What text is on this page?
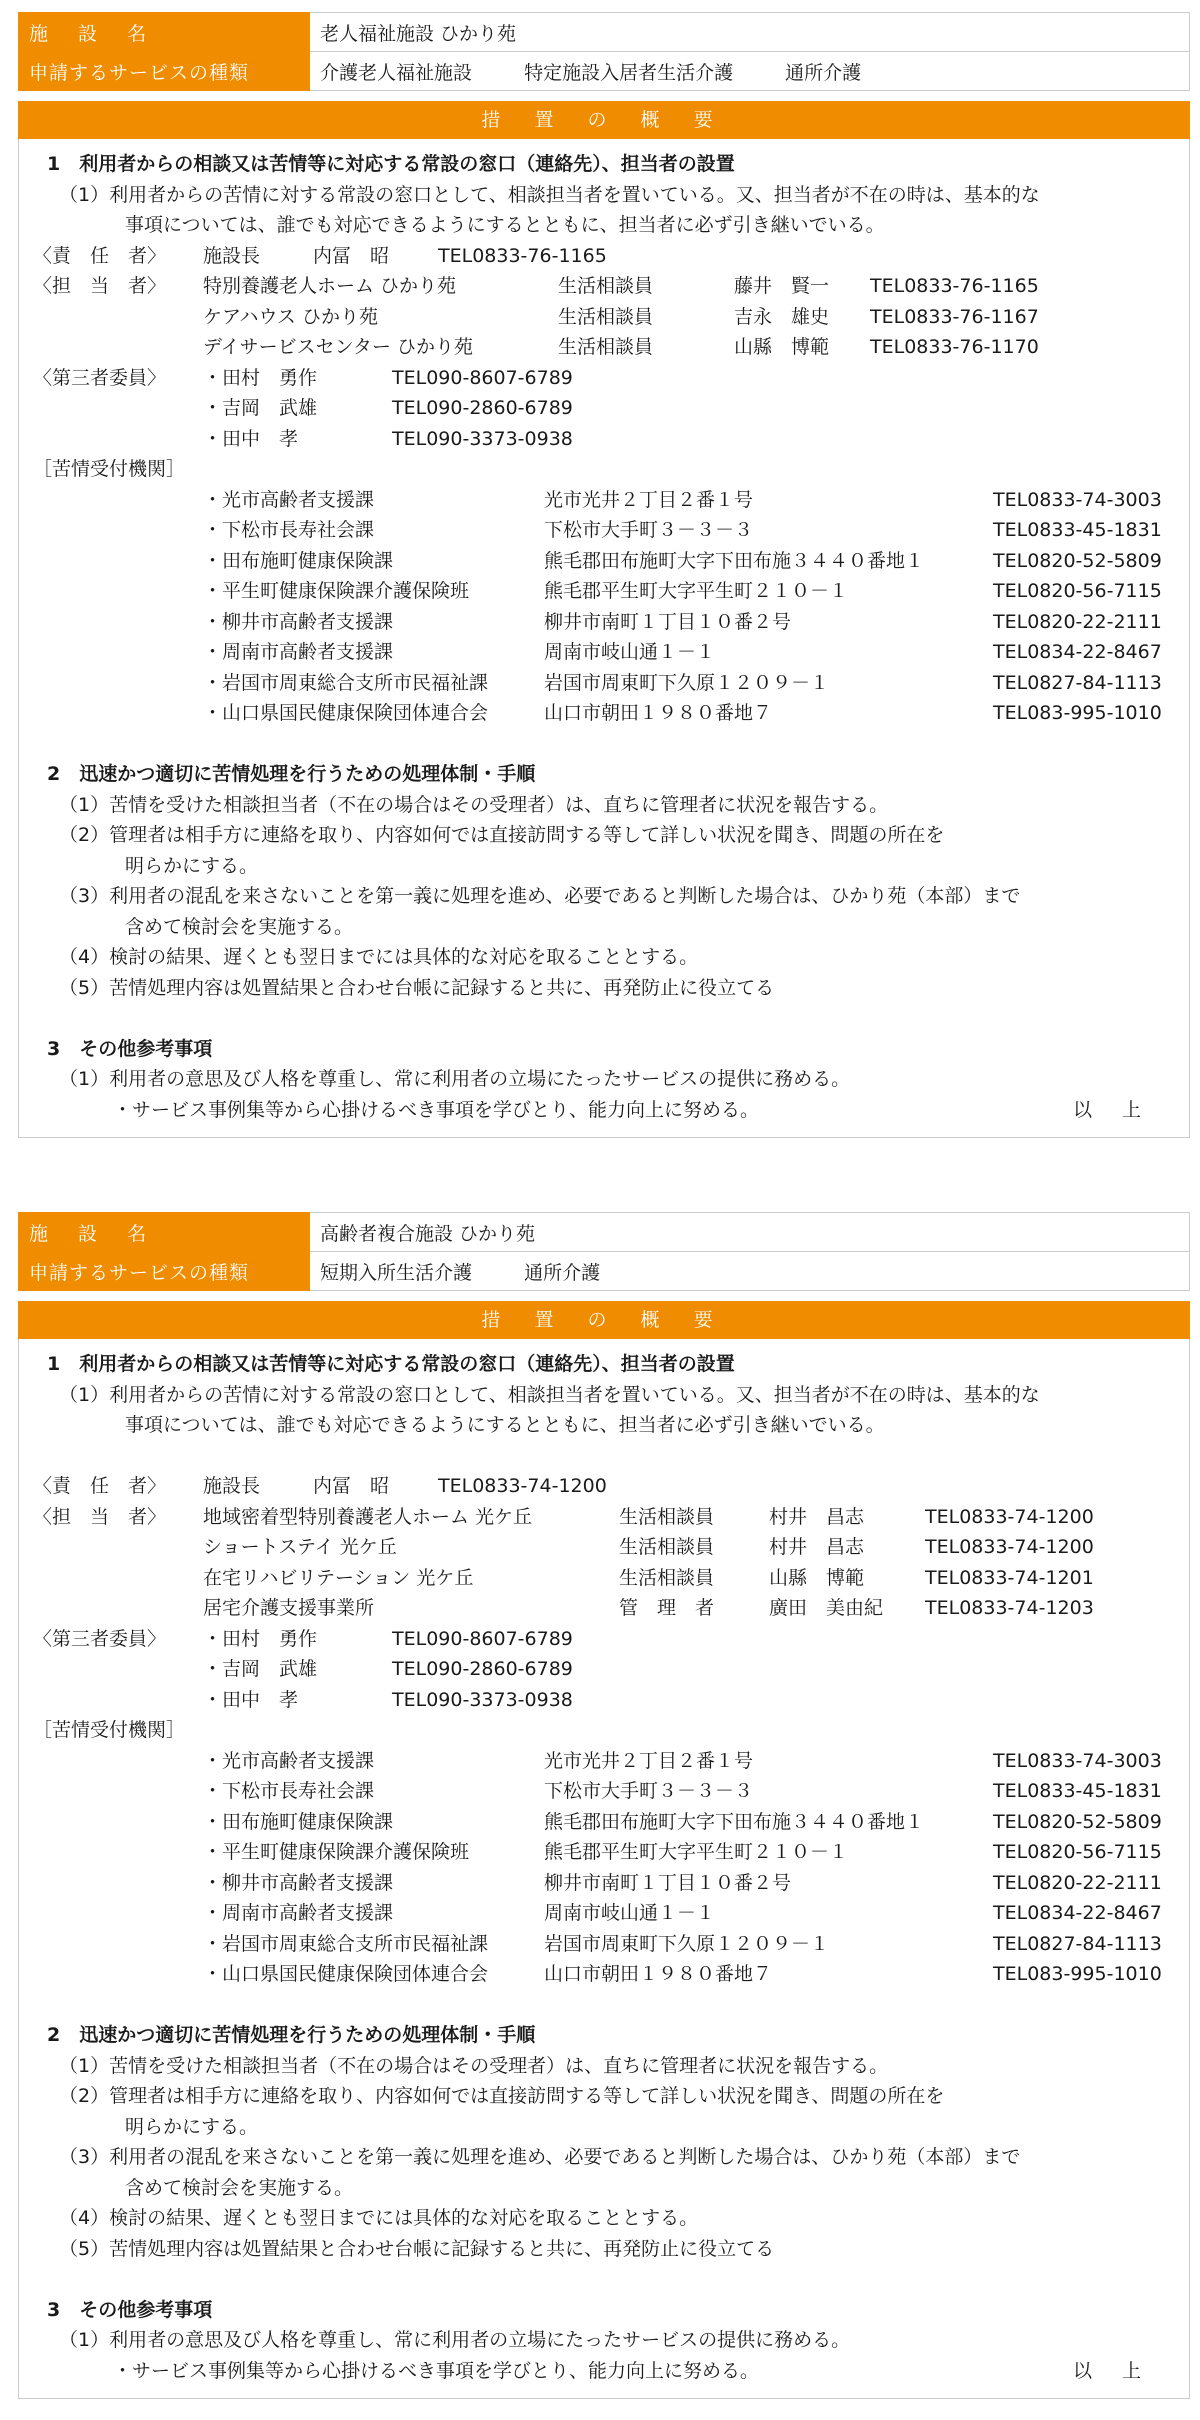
施 設 名	老人福祉施設 ひかり苑
申請するサービスの種類	介護老人福祉施設 特定施設入居者生活介護 通所介護
措 置 の 概 要
1　利用者からの相談又は苦情等に対応する常設の窓口（連絡先）、担当者の設置
（1）利用者からの苦情に対する常設の窓口として、相談担当者を置いている。又、担当者が不在の時は、基本的な
事項については、誰でも対応できるようにするとともに、担当者に必ず引き継いでいる。
〈責　任　者〉 施設長	内冨　昭	TEL0833-76-1165
〈担　当　者〉 特別養護老人ホーム ひかり苑	生活相談員	藤井　賢一 TEL0833-76-1165
ケアハウス ひかり苑	生活相談員	吉永　雄史 TEL0833-76-1167
デイサービスセンター ひかり苑	生活相談員	山縣　博範 TEL0833-76-1170
〈第三者委員〉 ・田村　勇作	TEL090-8607-6789
・吉岡　武雄	TEL090-2860-6789
・田中　孝	TEL090-3373-0938
［苦情受付機関］
・光市高齢者支援課	光市光井２丁目２番１号	TEL0833-74-3003
・下松市長寿社会課	下松市大手町３－３－３	TEL0833-45-1831
・田布施町健康保険課	熊毛郡田布施町大字下田布施３４４０番地１	TEL0820-52-5809
・平生町健康保険課介護保険班	熊毛郡平生町大字平生町２１０－１	TEL0820-56-7115
・柳井市高齢者支援課	柳井市南町１丁目１０番２号	TEL0820-22-2111
・周南市高齢者支援課	周南市岐山通１－１	TEL0834-22-8467
・岩国市周東総合支所市民福祉課	岩国市周東町下久原１２０９－１	TEL0827-84-1113
・山口県国民健康保険団体連合会	山口市朝田１９８０番地７	TEL083-995-1010
2　迅速かつ適切に苦情処理を行うための処理体制・手順
（1）苦情を受けた相談担当者（不在の場合はその受理者）は、直ちに管理者に状況を報告する。
（2）管理者は相手方に連絡を取り、内容如何では直接訪問する等して詳しい状況を聞き、問題の所在を
明らかにする。
（3）利用者の混乱を来さないことを第一義に処理を進め、必要であると判断した場合は、ひかり苑（本部）まで
含めて検討会を実施する。
（4）検討の結果、遅くとも翌日までには具体的な対応を取ることとする。
（5）苦情処理内容は処置結果と合わせ台帳に記録すると共に、再発防止に役立てる
3　その他参考事項
（1）利用者の意思及び人格を尊重し、常に利用者の立場にたったサービスの提供に務める。
・サービス事例集等から心掛けるべき事項を学びとり、能力向上に努める。	以 上
施 設 名	高齢者複合施設 ひかり苑
申請するサービスの種類	短期入所生活介護 通所介護
措 置 の 概 要
1　利用者からの相談又は苦情等に対応する常設の窓口（連絡先）、担当者の設置
（1）利用者からの苦情に対する常設の窓口として、相談担当者を置いている。又、担当者が不在の時は、基本的な
事項については、誰でも対応できるようにするとともに、担当者に必ず引き継いでいる。
〈責　任　者〉 施設長	内冨　昭	TEL0833-74-1200
〈担　当　者〉 地域密着型特別養護老人ホーム 光ケ丘	生活相談員	村井　昌志	TEL0833-74-1200
ショートステイ 光ケ丘	生活相談員	村井　昌志	TEL0833-74-1200
在宅リハビリテーション 光ケ丘	生活相談員	山縣　博範	TEL0833-74-1201
居宅介護支援事業所	管　理　者	廣田　美由紀 TEL0833-74-1203
〈第三者委員〉 ・田村　勇作	TEL090-8607-6789
・吉岡　武雄	TEL090-2860-6789
・田中　孝	TEL090-3373-0938
［苦情受付機関］
・光市高齢者支援課	光市光井２丁目２番１号	TEL0833-74-3003
・下松市長寿社会課	下松市大手町３－３－３	TEL0833-45-1831
・田布施町健康保険課	熊毛郡田布施町大字下田布施３４４０番地１	TEL0820-52-5809
・平生町健康保険課介護保険班	熊毛郡平生町大字平生町２１０－１	TEL0820-56-7115
・柳井市高齢者支援課	柳井市南町１丁目１０番２号	TEL0820-22-2111
・周南市高齢者支援課	周南市岐山通１－１	TEL0834-22-8467
・岩国市周東総合支所市民福祉課	岩国市周東町下久原１２０９－１	TEL0827-84-1113
・山口県国民健康保険団体連合会	山口市朝田１９８０番地７	TEL083-995-1010
2　迅速かつ適切に苦情処理を行うための処理体制・手順
（1）苦情を受けた相談担当者（不在の場合はその受理者）は、直ちに管理者に状況を報告する。
（2）管理者は相手方に連絡を取り、内容如何では直接訪問する等して詳しい状況を聞き、問題の所在を
明らかにする。
（3）利用者の混乱を来さないことを第一義に処理を進め、必要であると判断した場合は、ひかり苑（本部）まで
含めて検討会を実施する。
（4）検討の結果、遅くとも翌日までには具体的な対応を取ることとする。
（5）苦情処理内容は処置結果と合わせ台帳に記録すると共に、再発防止に役立てる
3　その他参考事項
（1）利用者の意思及び人格を尊重し、常に利用者の立場にたったサービスの提供に務める。
・サービス事例集等から心掛けるべき事項を学びとり、能力向上に努める。	以 上
